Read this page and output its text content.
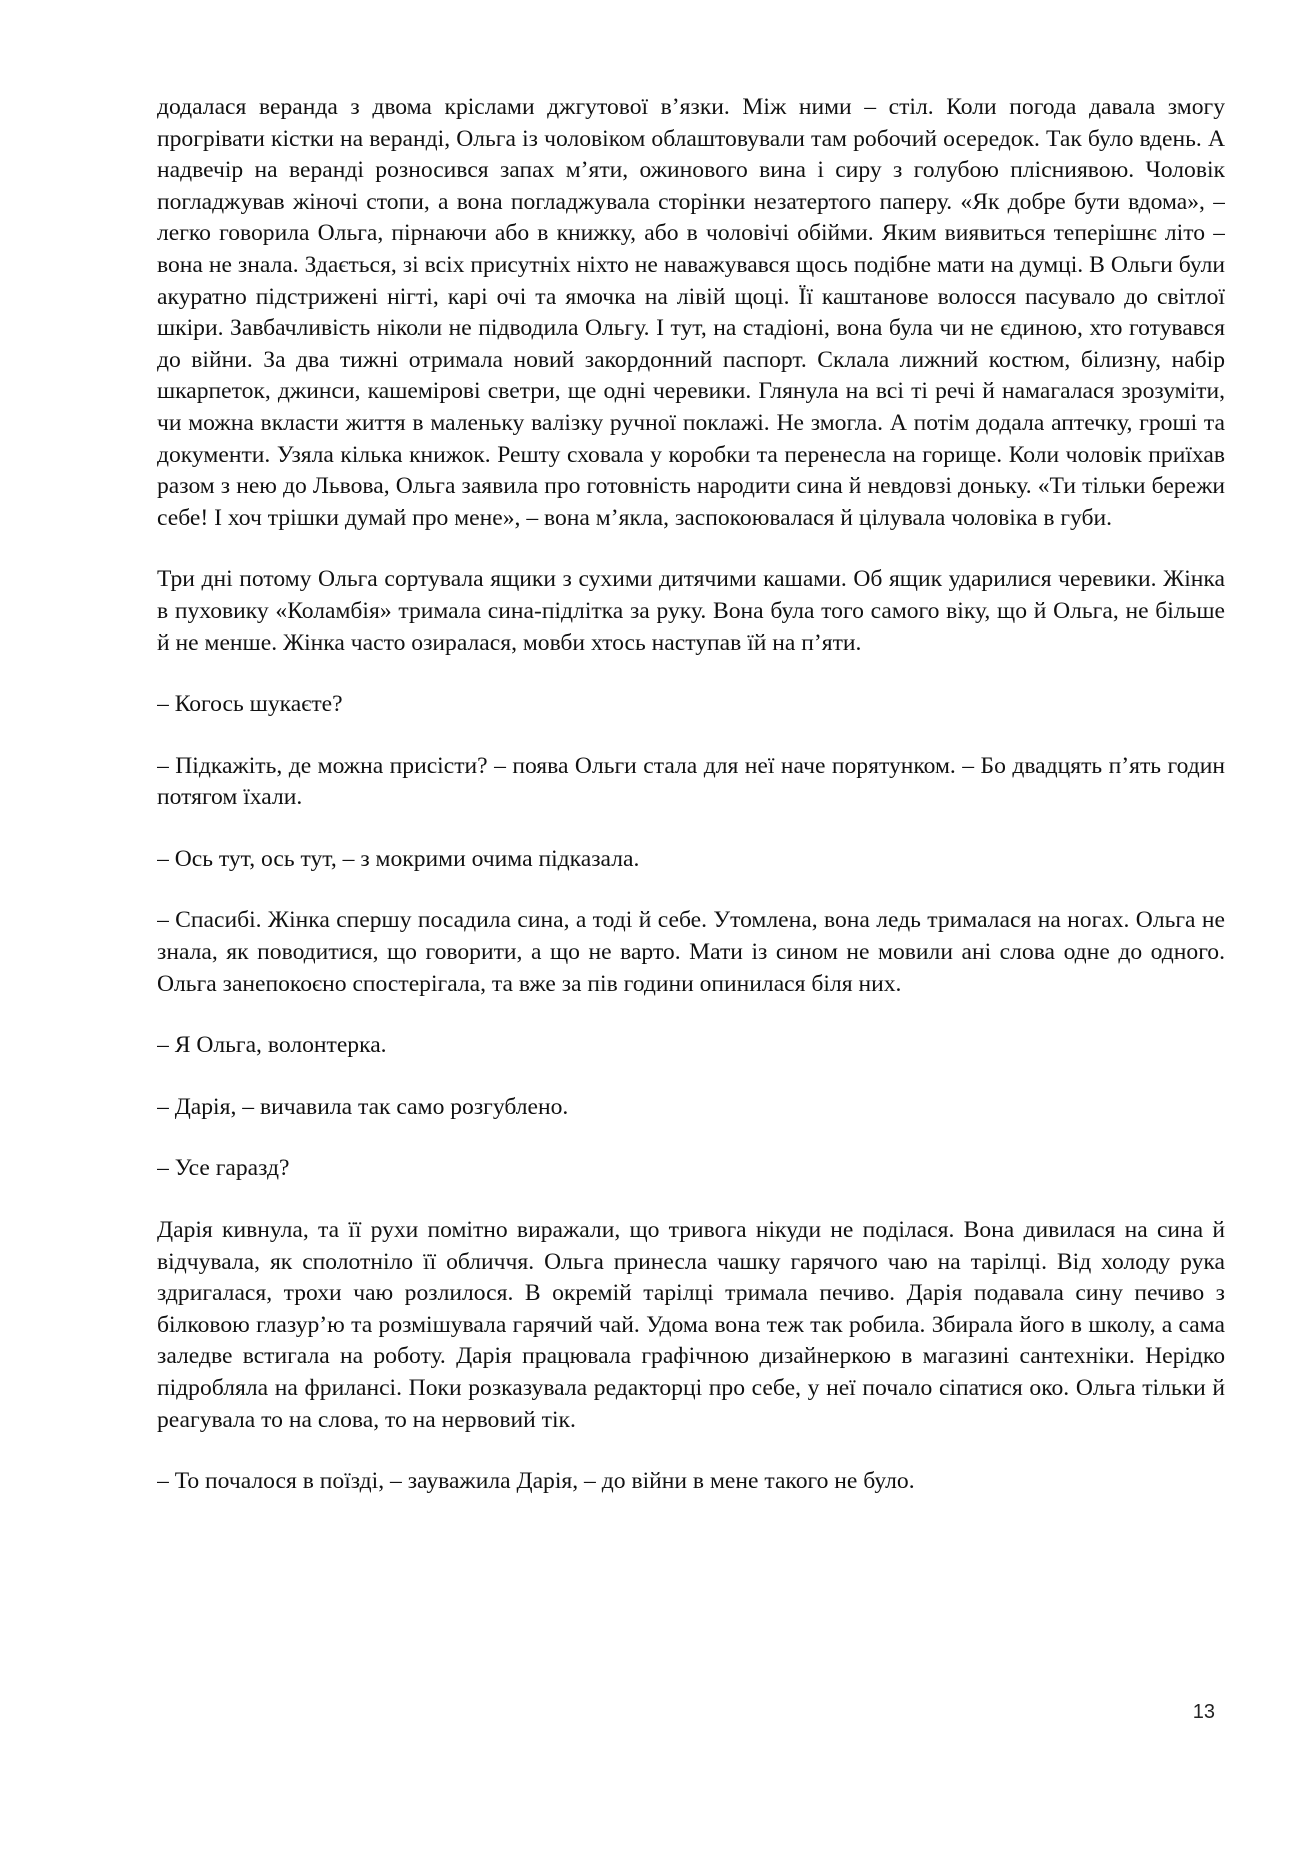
додалася веранда з двома кріслами джгутової в’язки. Між ними – стіл. Коли погода давала змогу прогрівати кістки на веранді, Ольга із чоловіком облаштовували там робочий осередок. Так було вдень. А надвечір на веранді розносився запах м’яти, ожинового вина і сиру з голубою плісниявою. Чоловік погладжував жіночі стопи, а вона погладжувала сторінки незатертого паперу. «Як добре бути вдома», – легко говорила Ольга, пірнаючи або в книжку, або в чоловічі обійми. Яким виявиться теперішнє літо – вона не знала. Здається, зі всіх присутніх ніхто не наважувався щось подібне мати на думці. В Ольги були акуратно підстрижені нігті, карі очі та ямочка на лівій щоці. Її каштанове волосся пасувало до світлої шкіри. Завбачливість ніколи не підводила Ольгу. І тут, на стадіоні, вона була чи не єдиною, хто готувався до війни. За два тижні отримала новий закордонний паспорт. Склала лижний костюм, білизну, набір шкарпеток, джинси, кашемірові светри, ще одні черевики. Глянула на всі ті речі й намагалася зрозуміти, чи можна вкласти життя в маленьку валізку ручної поклажі. Не змогла. А потім додала аптечку, гроші та документи. Узяла кілька книжок. Решту сховала у коробки та перенесла на горище. Коли чоловік приїхав разом з нею до Львова, Ольга заявила про готовність народити сина й невдовзі доньку. «Ти тільки бережи себе! І хоч трішки думай про мене», – вона м’якла, заспокоювалася й цілувала чоловіка в губи.

Три дні потому Ольга сортувала ящики з сухими дитячими кашами. Об ящик ударилися черевики. Жінка в пуховику «Коламбія» тримала сина-підлітка за руку. Вона була того самого віку, що й Ольга, не більше й не менше. Жінка часто озиралася, мовби хтось наступав їй на п’яти.

– Когось шукаєте?

– Підкажіть, де можна присісти? – поява Ольги стала для неї наче порятунком. – Бо двадцять п’ять годин потягом їхали.

– Ось тут, ось тут, – з мокрими очима підказала.

– Спасибі. Жінка спершу посадила сина, а тоді й себе. Утомлена, вона ледь трималася на ногах. Ольга не знала, як поводитися, що говорити, а що не варто. Мати із сином не мовили ані слова одне до одного. Ольга занепокоєно спостерігала, та вже за пів години опинилася біля них.

– Я Ольга, волонтерка.

– Дарія, – вичавила так само розгублено.

– Усе гаразд?

Дарія кивнула, та її рухи помітно виражали, що тривога нікуди не поділася. Вона дивилася на сина й відчувала, як сполотніло її обличчя. Ольга принесла чашку гарячого чаю на тарілці. Від холоду рука здригалася, трохи чаю розлилося. В окремій тарілці тримала печиво. Дарія подавала сину печиво з білковою глазур’ю та розмішувала гарячий чай. Удома вона теж так робила. Збирала його в школу, а сама заледве встигала на роботу. Дарія працювала графічною дизайнеркою в магазині сантехніки. Нерідко підробляла на фрилансі. Поки розказувала редакторці про себе, у неї почало сіпатися око. Ольга тільки й реагувала то на слова, то на нервовий тік.

– То почалося в поїзді, – зауважила Дарія, – до війни в мене такого не було.

13
